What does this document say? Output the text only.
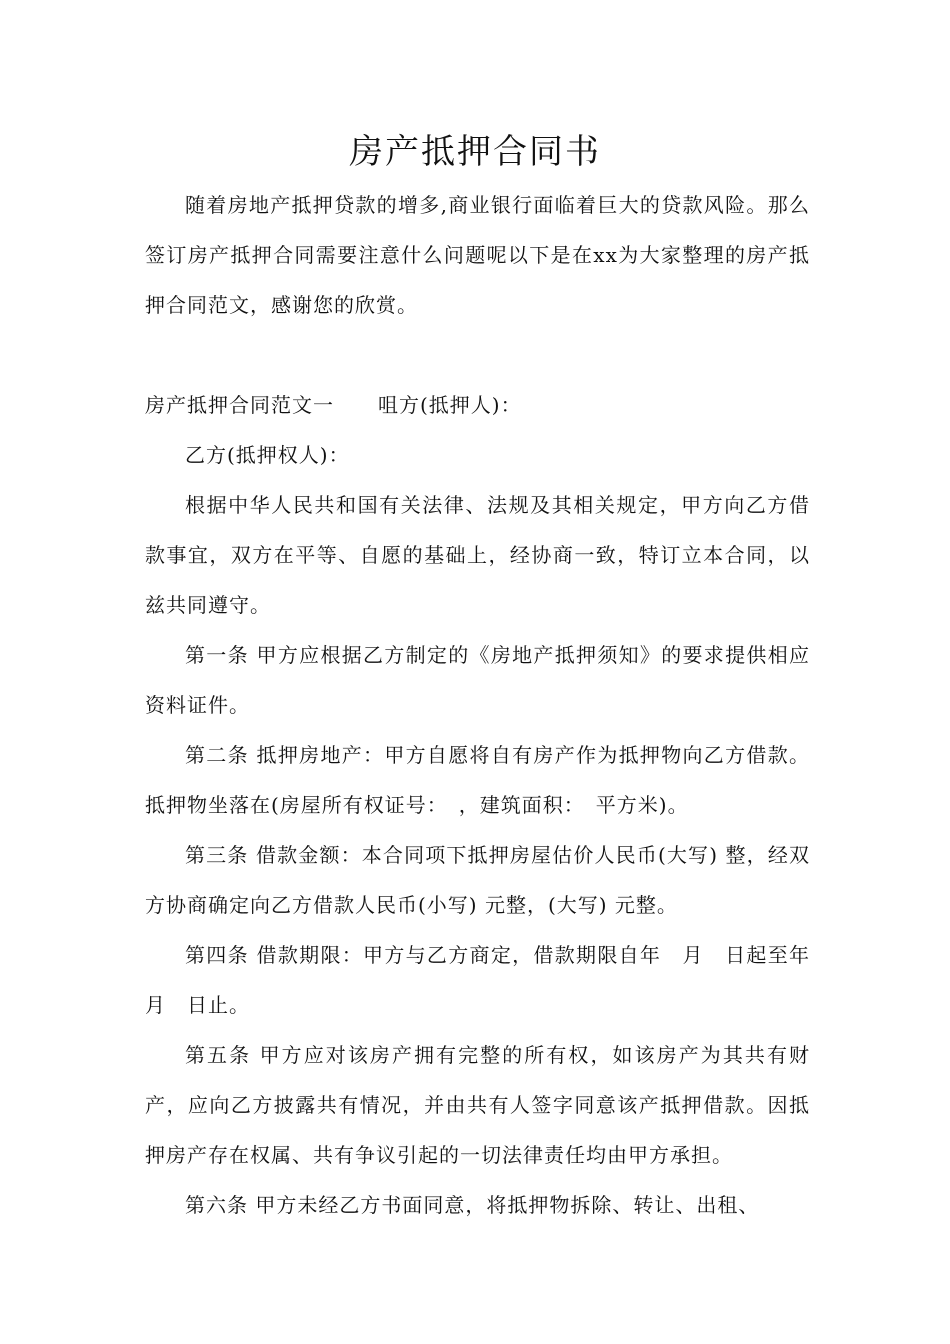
房产抵押合同书

随着房地产抵押贷款的增多,商业银行面临着巨大的贷款风险。那么签订房产抵押合同需要注意什么问题呢以下是在xx为大家整理的房产抵押合同范文，感谢您的欣赏。

房产抵押合同范文一 咀方(抵押人)：

乙方(抵押权人)：

根据中华人民共和国有关法律、法规及其相关规定，甲方向乙方借款事宜，双方在平等、自愿的基础上，经协商一致，特订立本合同，以兹共同遵守。

第一条 甲方应根据乙方制定的《房地产抵押须知》的要求提供相应资料证件。

第二条 抵押房地产：甲方自愿将自有房产作为抵押物向乙方借款。抵押物坐落在(房屋所有权证号：　，建筑面积：　平方米)。

第三条 借款金额：本合同项下抵押房屋估价人民币(大写) 整，经双方协商确定向乙方借款人民币(小写) 元整，(大写) 元整。

第四条 借款期限：甲方与乙方商定，借款期限自年　月　日起至年　月　日止。

第五条 甲方应对该房产拥有完整的所有权，如该房产为其共有财产，应向乙方披露共有情况，并由共有人签字同意该产抵押借款。因抵押房产存在权属、共有争议引起的一切法律责任均由甲方承担。

第六条 甲方未经乙方书面同意，将抵押物拆除、转让、出租、
